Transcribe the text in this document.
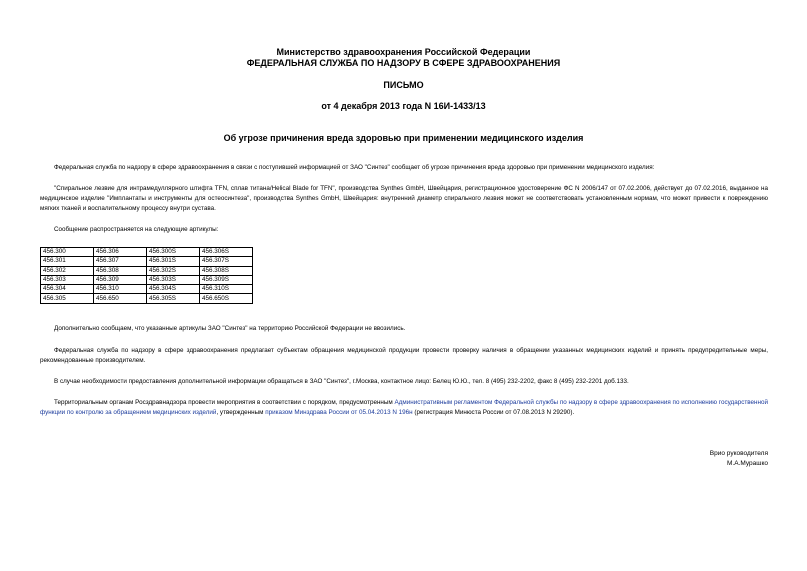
Министерство здравоохранения Российской Федерации
ФЕДЕРАЛЬНАЯ СЛУЖБА ПО НАДЗОРУ В СФЕРЕ ЗДРАВООХРАНЕНИЯ
ПИСЬМО
от 4 декабря 2013 года N 16И-1433/13
Об угрозе причинения вреда здоровью при применении медицинского изделия
Федеральная служба по надзору в сфере здравоохранения в связи с поступившей информацией от ЗАО "Синтез" сообщает об угрозе причинения вреда здоровью при применении медицинского изделия:
"Спиральное лезвие для интрамедуллярного штифта TFN, сплав титана/Helical Blade for TFN", производства Synthes GmbH, Швейцария, регистрационное удостоверение ФС N 2006/147 от 07.02.2006, действует до 07.02.2016, выданное на медицинское изделие "Имплантаты и инструменты для остеосинтеза", производства Synthes GmbH, Швейцария: внутренний диаметр спирального лезвия может не соответствовать установленным нормам, что может привести к повреждению мягких тканей и воспалительному процессу внутри сустава.
Сообщение распространяется на следующие артикулы:
456.300	456.306	456.300S	456.306S
456.301	456.307	456.301S	456.307S
456.302	456.308	456.302S	456.308S
456.303	456.309	456.303S	456.309S
456.304	456.310	456.304S	456.310S
456.305	456.650	456.305S	456.650S
Дополнительно сообщаем, что указанные артикулы ЗАО "Синтез" на территорию Российской Федерации не ввозились.
Федеральная служба по надзору в сфере здравоохранения предлагает субъектам обращения медицинской продукции провести проверку наличия в обращении указанных медицинских изделий и принять предупредительные меры, рекомендованные производителем.
В случае необходимости предоставления дополнительной информации обращаться в ЗАО "Синтез", г.Москва, контактное лицо: Белец Ю.Ю., тел. 8 (495) 232-2202, факс 8 (495) 232-2201 доб.133.
Территориальным органам Росздравнадзора провести мероприятия в соответствии с порядком, предусмотренным Административным регламентом Федеральной службы по надзору в сфере здравоохранения по исполнению государственной функции по контролю за обращением медицинских изделий, утвержденным приказом Минздрава России от 05.04.2013 N 196н (регистрация Минюста России от 07.08.2013 N 29290).
Врио руководителя
М.А.Мурашко
